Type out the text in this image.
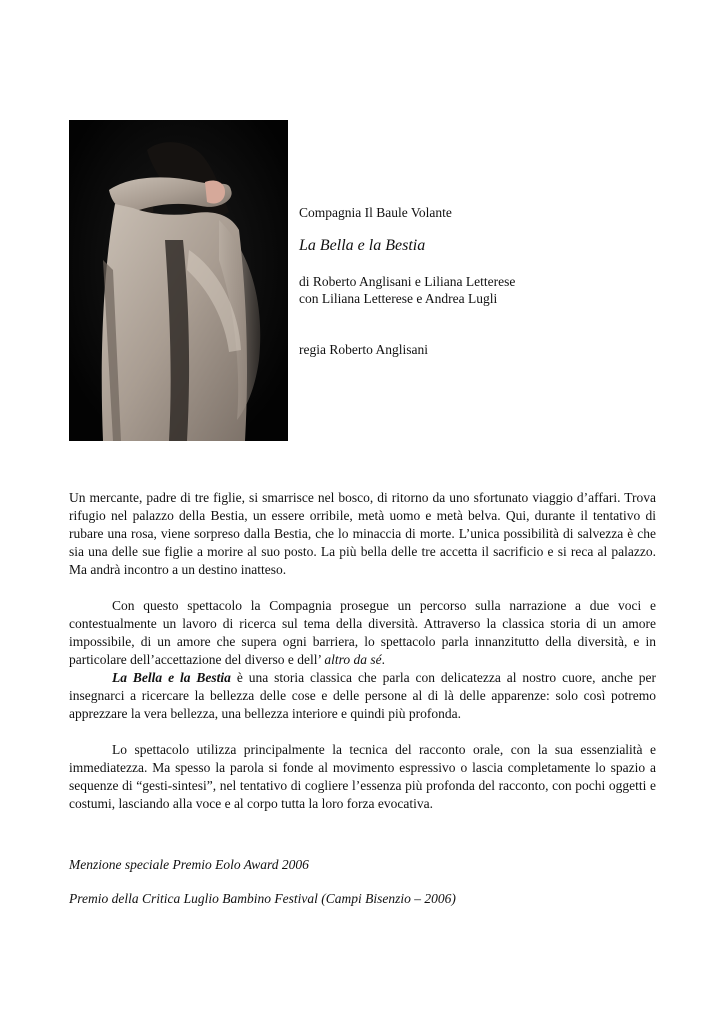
Compagnia Il Baule Volante
La Bella e la Bestia
di Roberto Anglisani e Liliana Letterese
con Liliana Letterese e Andrea Lugli
regia Roberto Anglisani

Un mercante, padre di tre figlie, si smarrisce nel bosco, di ritorno da uno sfortunato viaggio d’affari. Trova rifugio nel palazzo della Bestia, un essere orribile, metà uomo e metà belva. Qui, durante il tentativo di rubare una rosa, viene sorpreso dalla Bestia, che lo minaccia di morte. L’unica possibilità di salvezza è che sia una delle sue figlie a morire al suo posto. La più bella delle tre accetta il sacrificio e si reca al palazzo. Ma andrà incontro a un destino inatteso.

Con questo spettacolo la Compagnia prosegue un percorso sulla narrazione a due voci e contestualmente un lavoro di ricerca sul tema della diversità. Attraverso la classica storia di un amore impossibile, di un amore che supera ogni barriera, lo spettacolo parla innanzitutto della diversità, e in particolare dell’accettazione del diverso e dell’ altro da sé.

La Bella e la Bestia è una storia classica che parla con delicatezza al nostro cuore, anche per insegnarci a ricercare la bellezza delle cose e delle persone al di là delle apparenze: solo così potremo apprezzare la vera bellezza, una bellezza interiore e quindi più profonda.

Lo spettacolo utilizza principalmente la tecnica del racconto orale, con la sua essenzialità e immediatezza. Ma spesso la parola si fonde al movimento espressivo o lascia completamente lo spazio a sequenze di “gesti-sintesi”, nel tentativo di cogliere l’essenza più profonda del racconto, con pochi oggetti e costumi, lasciando alla voce e al corpo tutta la loro forza evocativa.

Menzione speciale Premio Eolo Award 2006
Premio della Critica Luglio Bambino Festival (Campi Bisenzio – 2006)
